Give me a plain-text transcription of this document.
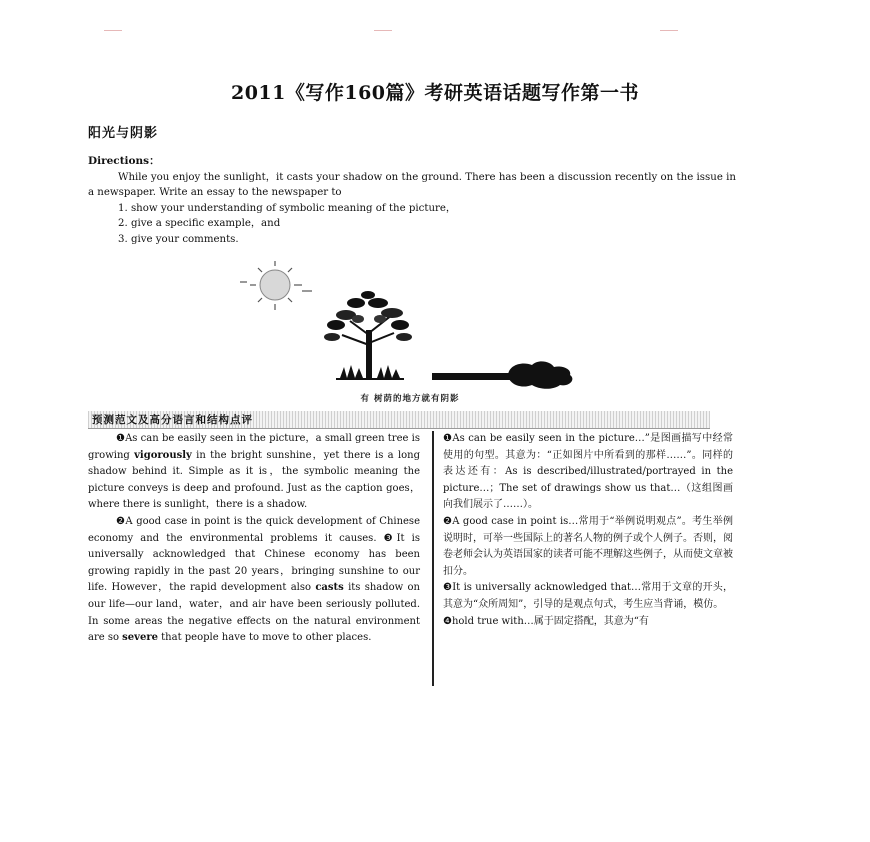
2011《写作160篇》考研英语话题写作第一书
阳光与阴影

Directions：

While you enjoy the sunlight，it casts your shadow on the ground. There has been a discussion recently on the issue in a newspaper. Write an essay to the newspaper to

1. show your understanding of symbolic meaning of the picture，
2. give a specific example，and
3. give your comments.
有 树荫的地方就有阴影
预测范文及高分语言和结构点评

❶As can be easily seen in the picture，a small green tree is growing vigorously in the bright sunshine，yet there is a long shadow behind it. Simple as it is，the symbolic meaning the picture conveys is deep and profound. Just as the caption goes，where there is sunlight，there is a shadow.

❷A good case in point is the quick development of Chinese economy and the environmental problems it causes. ❸It is universally acknowledged that Chinese economy has been growing rapidly in the past 20 years，bringing sunshine to our life. However，the rapid development also casts its shadow on our life—our land，water，and air have been seriously polluted. In some areas the negative effects on the natural environment are so severe that people have to move to other places.

❶As can be easily seen in the picture…”是图画描写中经常使用的句型。其意为：“正如图片中所看到的那样……”。同样的表达还有：As is described/illustrated/portrayed in the picture…；The set of drawings show us that…（这组图画向我们展示了……）。

❷A good case in point is…常用于“举例说明观点”。考生举例说明时，可举一些国际上的著名人物的例子或个人例子。否则，阅卷老师会认为英语国家的读者可能不理解这些例子，从而使文章被扣分。

❸It is universally acknowledged that…常用于文章的开头，其意为“众所周知”，引导的是观点句式，考生应当背诵，模仿。

❹hold true with…属于固定搭配，其意为“有
